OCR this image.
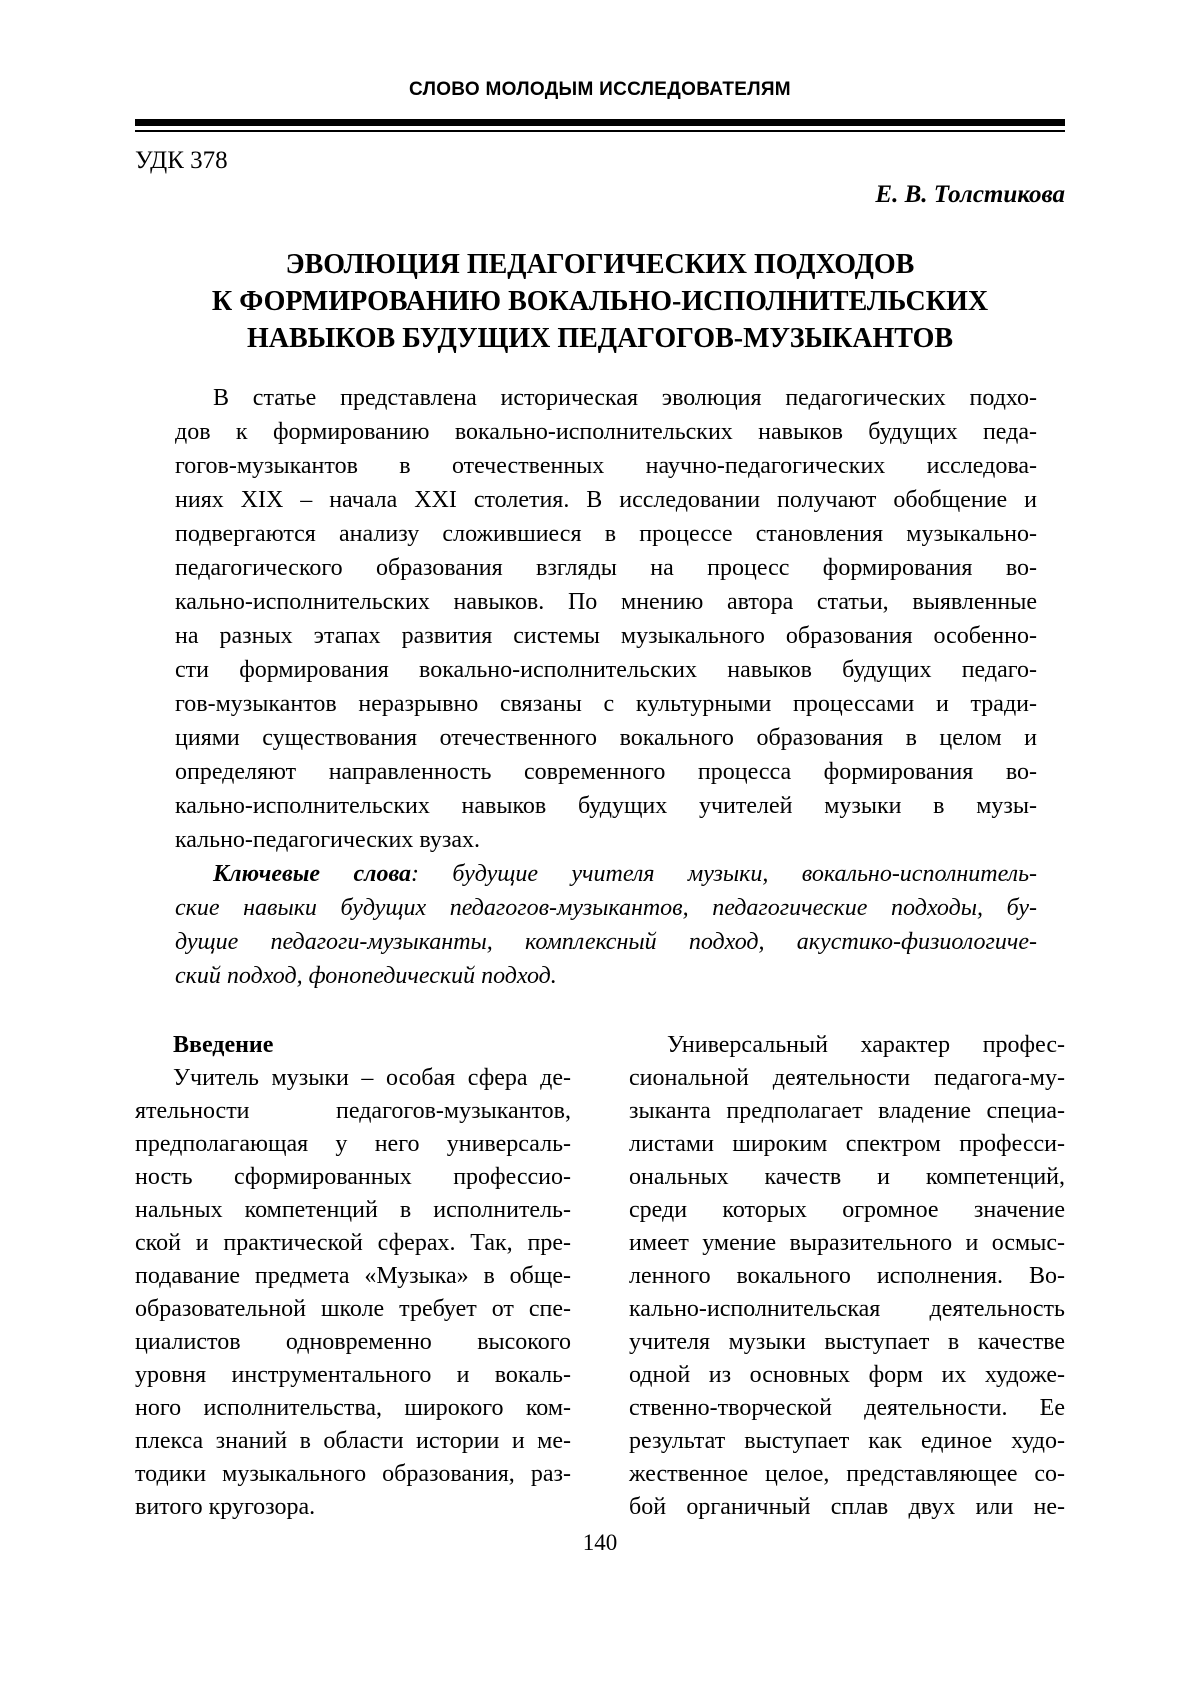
СЛОВО МОЛОДЫМ ИССЛЕДОВАТЕЛЯМ
УДК 378
Е. В. Толстикова
ЭВОЛЮЦИЯ ПЕДАГОГИЧЕСКИХ ПОДХОДОВ
К ФОРМИРОВАНИЮ ВОКАЛЬНО-ИСПОЛНИТЕЛЬСКИХ
НАВЫКОВ БУДУЩИХ ПЕДАГОГОВ-МУЗЫКАНТОВ
В статье представлена историческая эволюция педагогических подхо-
дов к формированию вокально-исполнительских навыков будущих педа-
гогов-музыкантов в отечественных научно-педагогических исследова-
ниях XIX – начала XXI столетия. В исследовании получают обобщение и
подвергаются анализу сложившиеся в процессе становления музыкально-
педагогического образования взгляды на процесс формирования во-
кально-исполнительских навыков. По мнению автора статьи, выявленные
на разных этапах развития системы музыкального образования особенно-
сти формирования вокально-исполнительских навыков будущих педаго-
гов-музыкантов неразрывно связаны с культурными процессами и тради-
циями существования отечественного вокального образования в целом и
определяют направленность современного процесса формирования во-
кально-исполнительских навыков будущих учителей музыки в музы-
кально-педагогических вузах.
Ключевые слова: будущие учителя музыки, вокально-исполнитель-
ские навыки будущих педагогов-музыкантов, педагогические подходы, бу-
дущие педагоги-музыканты, комплексный подход, акустико-физиологиче-
ский подход, фонопедический подход.
Введение
Учитель музыки – особая сфера де-
ятельности педагогов-музыкантов,
предполагающая у него универсаль-
ность сформированных профессио-
нальных компетенций в исполнитель-
ской и практической сферах. Так, пре-
подавание предмета «Музыка» в обще-
образовательной школе требует от спе-
циалистов одновременно высокого
уровня инструментального и вокаль-
ного исполнительства, широкого ком-
плекса знаний в области истории и ме-
тодики музыкального образования, раз-
витого кругозора.
Универсальный характер профес-
сиональной деятельности педагога-му-
зыканта предполагает владение специа-
листами широким спектром професси-
ональных качеств и компетенций,
среди которых огромное значение
имеет умение выразительного и осмыс-
ленного вокального исполнения. Во-
кально-исполнительская деятельность
учителя музыки выступает в качестве
одной из основных форм их художе-
ственно-творческой деятельности. Ее
результат выступает как единое худо-
жественное целое, представляющее со-
бой органичный сплав двух или не-
140
